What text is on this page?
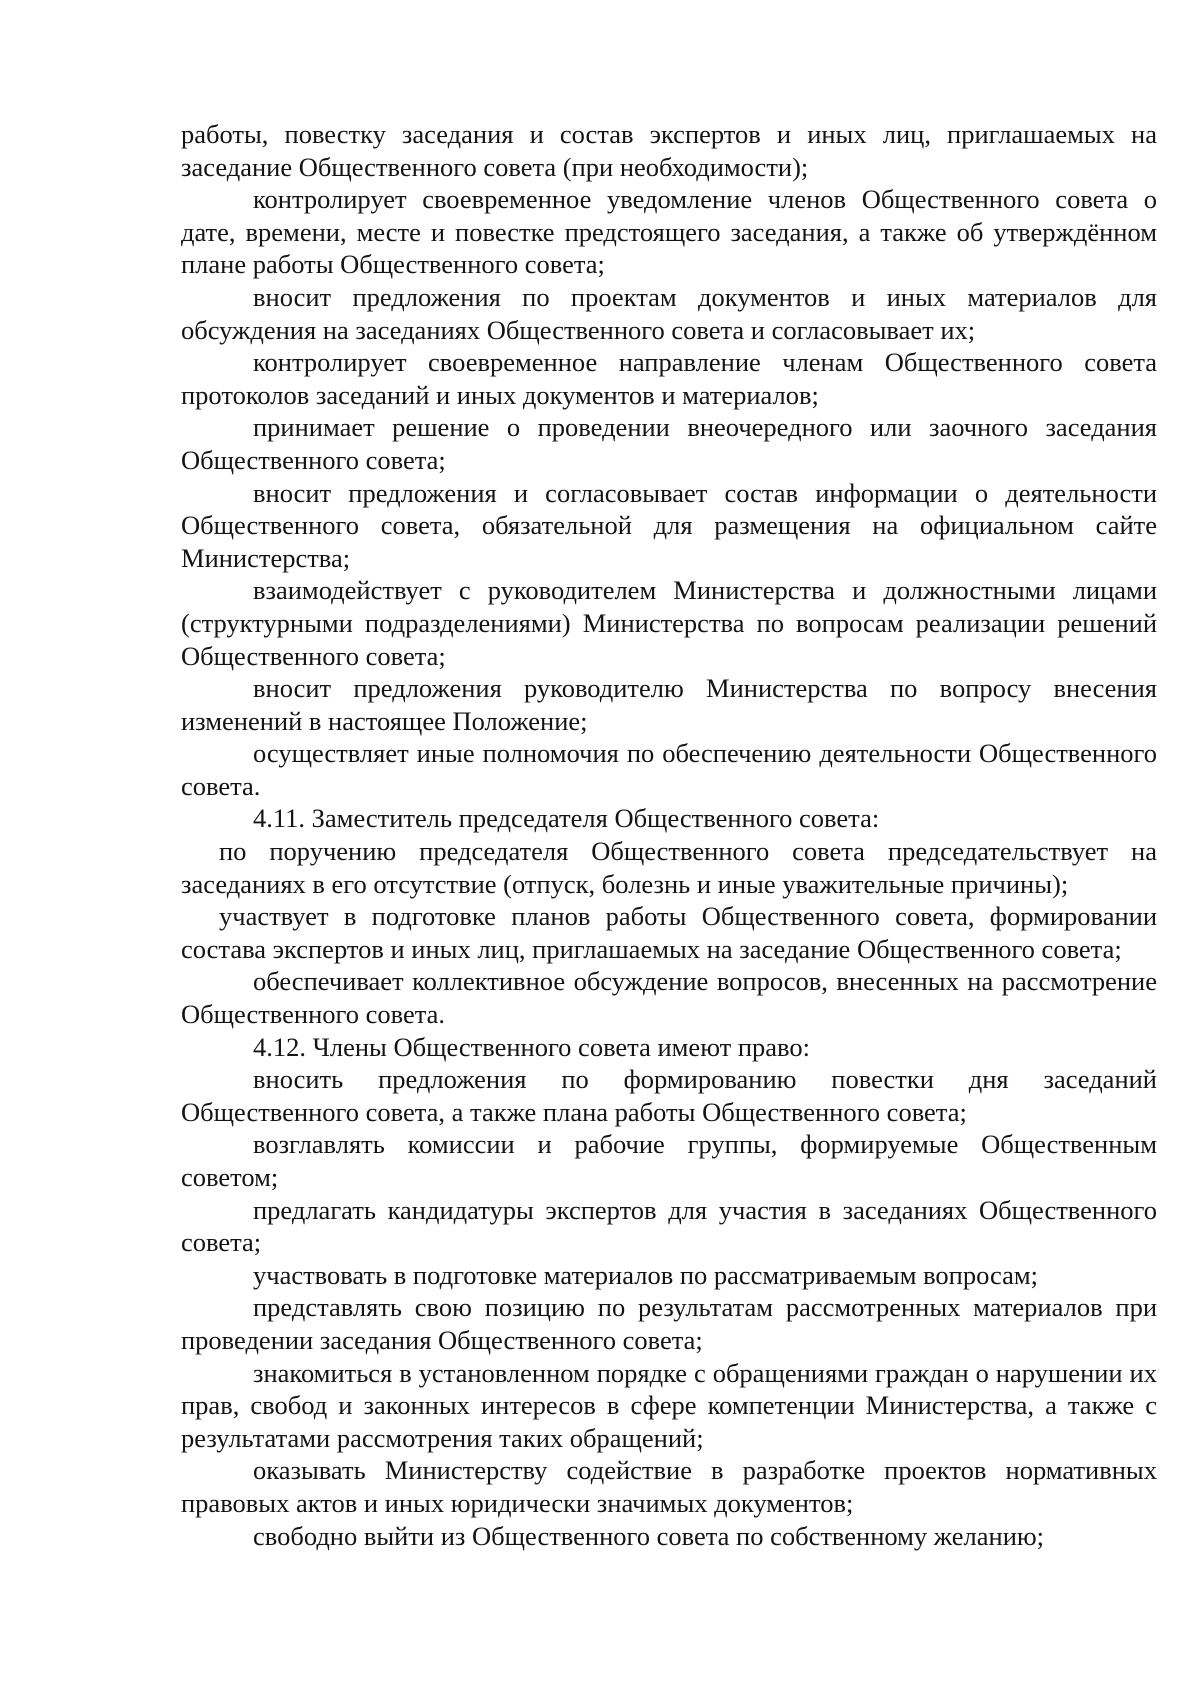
работы, повестку заседания и состав экспертов и иных лиц, приглашаемых на заседание Общественного совета (при необходимости);

контролирует своевременное уведомление членов Общественного совета о дате, времени, месте и повестке предстоящего заседания, а также об утверждённом плане работы Общественного совета;

вносит предложения по проектам документов и иных материалов для обсуждения на заседаниях Общественного совета и согласовывает их;

контролирует своевременное направление членам Общественного совета протоколов заседаний и иных документов и материалов;

принимает решение о проведении внеочередного или заочного заседания Общественного совета;

вносит предложения и согласовывает состав информации о деятельности Общественного совета, обязательной для размещения на официальном сайте Министерства;

взаимодействует с руководителем Министерства и должностными лицами (структурными подразделениями) Министерства по вопросам реализации решений Общественного совета;

вносит предложения руководителю Министерства по вопросу внесения изменений в настоящее Положение;

осуществляет иные полномочия по обеспечению деятельности Общественного совета.

4.11. Заместитель председателя Общественного совета:

по поручению председателя Общественного совета председательствует на заседаниях в его отсутствие (отпуск, болезнь и иные уважительные причины);

участвует в подготовке планов работы Общественного совета, формировании состава экспертов и иных лиц, приглашаемых на заседание Общественного совета;

обеспечивает коллективное обсуждение вопросов, внесенных на рассмотрение Общественного совета.

4.12. Члены Общественного совета имеют право:

вносить предложения по формированию повестки дня заседаний Общественного совета, а также плана работы Общественного совета;

возглавлять комиссии и рабочие группы, формируемые Общественным советом;

предлагать кандидатуры экспертов для участия в заседаниях Общественного совета;

участвовать в подготовке материалов по рассматриваемым вопросам;

представлять свою позицию по результатам рассмотренных материалов при проведении заседания Общественного совета;

знакомиться в установленном порядке с обращениями граждан о нарушении их прав, свобод и законных интересов в сфере компетенции Министерства, а также с результатами рассмотрения таких обращений;

оказывать Министерству содействие в разработке проектов нормативных правовых актов и иных юридически значимых документов;

свободно выйти из Общественного совета по собственному желанию;
